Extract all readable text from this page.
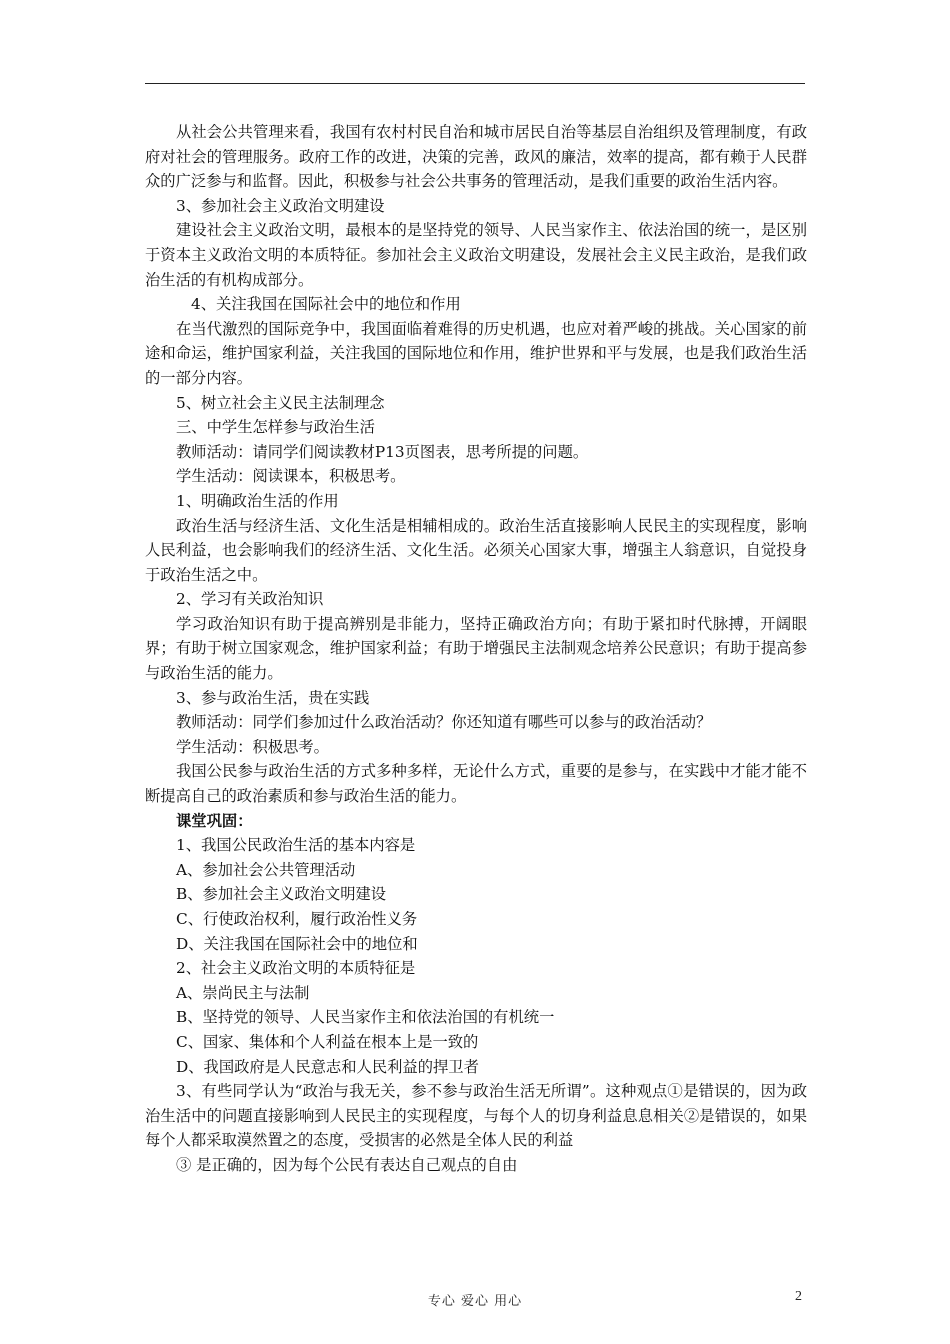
从社会公共管理来看，我国有农村村民自治和城市居民自治等基层自治组织及管理制度，有政府对社会的管理服务。政府工作的改进，决策的完善，政风的廉洁，效率的提高，都有赖于人民群众的广泛参与和监督。因此，积极参与社会公共事务的管理活动，是我们重要的政治生活内容。

3、参加社会主义政治文明建设

建设社会主义政治文明，最根本的是坚持党的领导、人民当家作主、依法治国的统一，是区别于资本主义政治文明的本质特征。参加社会主义政治文明建设，发展社会主义民主政治，是我们政治生活的有机构成部分。

4、关注我国在国际社会中的地位和作用

在当代激烈的国际竞争中，我国面临着难得的历史机遇，也应对着严峻的挑战。关心国家的前途和命运，维护国家利益，关注我国的国际地位和作用，维护世界和平与发展，也是我们政治生活的一部分内容。

5、树立社会主义民主法制理念

三、中学生怎样参与政治生活

教师活动：请同学们阅读教材P13页图表，思考所提的问题。

学生活动：阅读课本，积极思考。

1、明确政治生活的作用

政治生活与经济生活、文化生活是相辅相成的。政治生活直接影响人民民主的实现程度，影响人民利益，也会影响我们的经济生活、文化生活。必须关心国家大事，增强主人翁意识，自觉投身于政治生活之中。

2、学习有关政治知识

学习政治知识有助于提高辨别是非能力，坚持正确政治方向；有助于紧扣时代脉搏，开阔眼界；有助于树立国家观念，维护国家利益；有助于增强民主法制观念培养公民意识；有助于提高参与政治生活的能力。

3、参与政治生活，贵在实践

教师活动：同学们参加过什么政治活动？你还知道有哪些可以参与的政治活动？

学生活动：积极思考。

我国公民参与政治生活的方式多种多样，无论什么方式，重要的是参与，在实践中才能才能不断提高自己的政治素质和参与政治生活的能力。

课堂巩固：

1、我国公民政治生活的基本内容是

A、参加社会公共管理活动

B、参加社会主义政治文明建设

C、行使政治权利，履行政治性义务

D、关注我国在国际社会中的地位和

2、社会主义政治文明的本质特征是

A、崇尚民主与法制

B、坚持党的领导、人民当家作主和依法治国的有机统一

C、国家、集体和个人利益在根本上是一致的

D、我国政府是人民意志和人民利益的捍卫者

3、有些同学认为“政治与我无关，参不参与政治生活无所谓”。这种观点①是错误的，因为政治生活中的问题直接影响到人民民主的实现程度，与每个人的切身利益息息相关②是错误的，如果每个人都采取漠然置之的态度，受损害的必然是全体人民的利益

③ 是正确的，因为每个公民有表达自己观点的自由

专心 爱心 用心	2
